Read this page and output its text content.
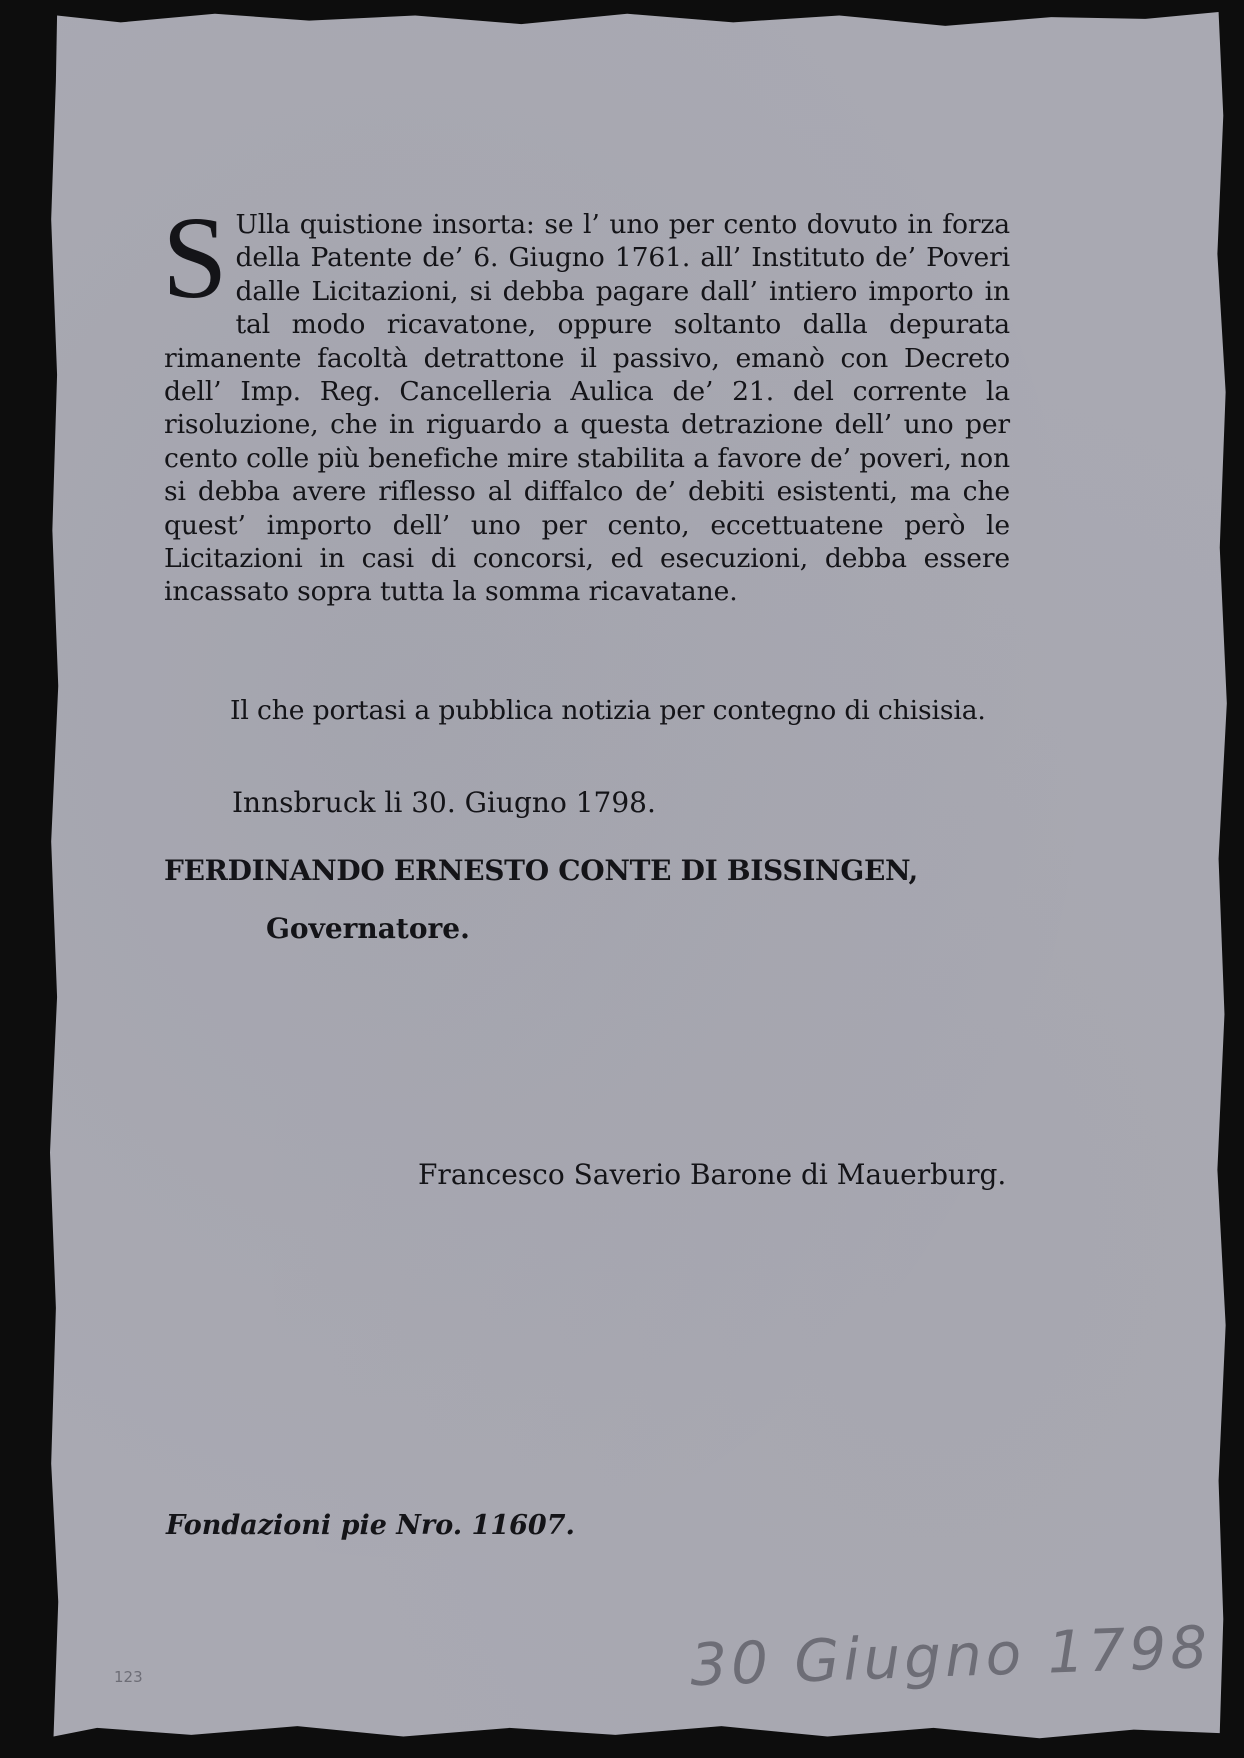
S Ulla quistione insorta: se l’ uno per cento dovuto in forza della Patente de’ 6. Giugno 1761. all’ Instituto de’ Poveri dalle Licitazioni, si debba pagare dall’ intiero importo in tal modo ricavatone, oppure soltanto dalla depurata rimanente facoltà detrattone il passivo, emanò con Decreto dell’ Imp. Reg. Cancelleria Aulica de’ 21. del corrente la risoluzione, che in riguardo a questa detrazione dell’ uno per cento colle più benefiche mire stabilita a favore de’ poveri, non si debba avere riflesso al diffalco de’ debiti esistenti, ma che quest’ importo dell’ uno per cento, eccettuatene però le Licitazioni in casi di concorsi, ed esecuzioni, debba essere incassato sopra tutta la somma ricavatane.
Il che portasi a pubblica notizia per contegno di chisisia.
Innsbruck li 30. Giugno 1798.
FERDINANDO ERNESTO CONTE DI BISSINGEN,
Governatore.
Francesco Saverio Barone di Mauerburg.
Fondazioni pie Nro. 11607.
30 Giugno 1798
123
